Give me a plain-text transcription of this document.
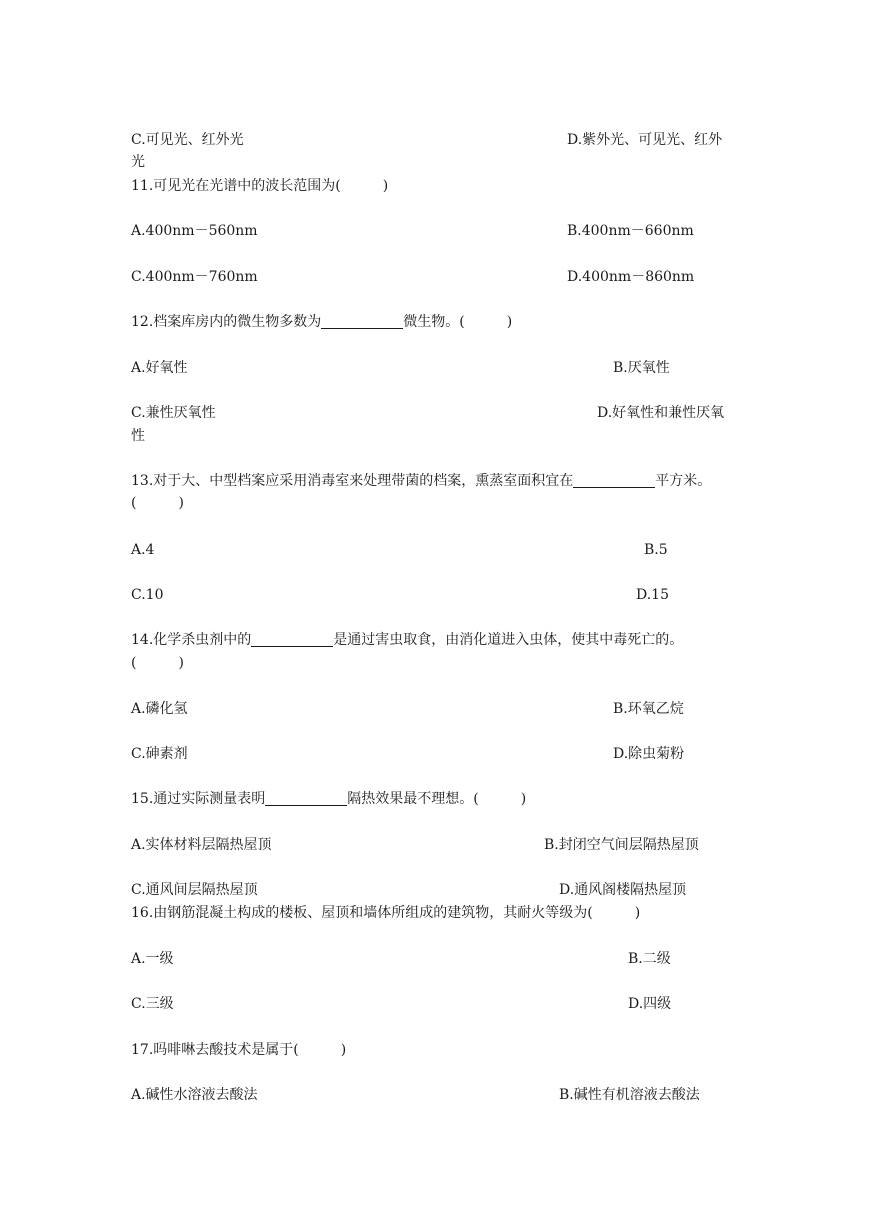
C.可见光、红外光	D.紫外光、可见光、红外
光
11.可见光在光谱中的波长范围为(　　　)
A.400nm－560nm	B.400nm－660nm
C.400nm－760nm	D.400nm－860nm
12.档案库房内的微生物多数为	微生物。(　　　)
A.好氧性	B.厌氧性
C.兼性厌氧性	D.好氧性和兼性厌氧
性
13.对于大、中型档案应采用消毒室来处理带菌的档案，熏蒸室面积宜在	平方米。
(　　　)
A.4	B.5
C.10	D.15
14.化学杀虫剂中的	是通过害虫取食，由消化道进入虫体，使其中毒死亡的。
(　　　)
A.磷化氢	B.环氧乙烷
C.砷素剂	D.除虫菊粉
15.通过实际测量表明	隔热效果最不理想。(　　　)
A.实体材料层隔热屋顶	B.封闭空气间层隔热屋顶
C.通风间层隔热屋顶	D.通风阁楼隔热屋顶
16.由钢筋混凝土构成的楼板、屋顶和墙体所组成的建筑物，其耐火等级为(　　　)
A.一级	B.二级
C.三级	D.四级
17.吗啡啉去酸技术是属于(　　　)
A.碱性水溶液去酸法	B.碱性有机溶液去酸法
